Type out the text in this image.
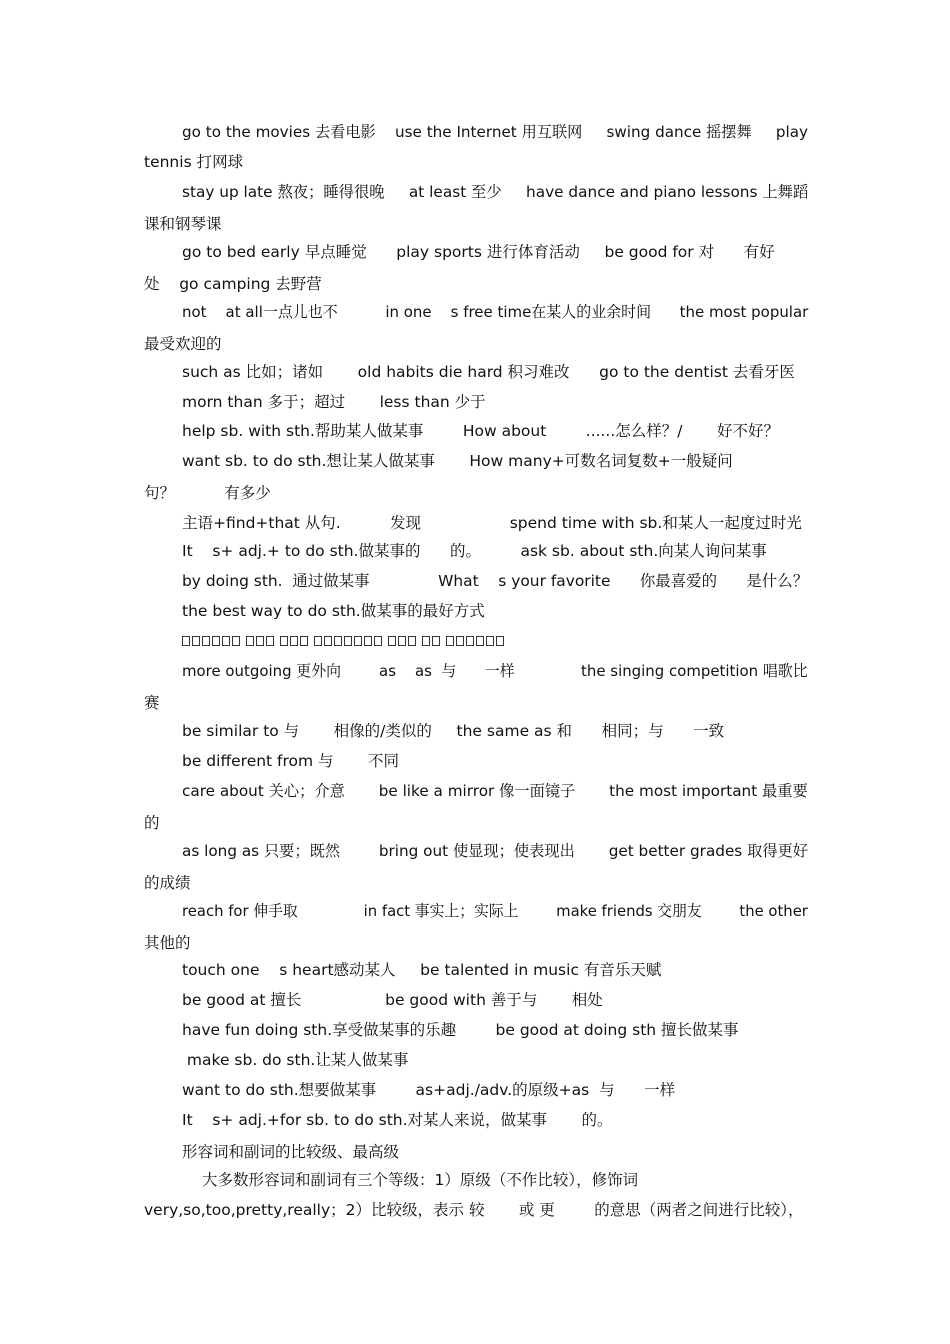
go to the movies 去看电影    use the Internet 用互联网     swing dance 摇摆舞     play
tennis 打网球
stay up late 熬夜；睡得很晚     at least 至少     have dance and piano lessons 上舞蹈
课和钢琴课
go to bed early 早点睡觉      play sports 进行体育活动     be good for 对      有好
处    go camping 去野营
not    at all一点儿也不          in one    s free time在某人的业余时间      the most popular
最受欢迎的
such as 比如；诸如       old habits die hard 积习难改      go to the dentist 去看牙医
morn than 多于；超过       less than 少于
help sb. with sth.帮助某人做某事        How about        ......怎么样？/       好不好？
want sb. to do sth.想让某人做某事       How many+可数名词复数+一般疑问
句？          有多少
主语+find+that 从句.          发现                  spend time with sb.和某人一起度过时光
It    s+ adj.+ to do sth.做某事的      的。        ask sb. about sth.向某人询问某事
by doing sth.  通过做某事              What    s your favorite      你最喜爱的      是什么？
the best way to do sth.做某事的最好方式
more outgoing 更外向        as    as  与      一样              the singing competition 唱歌比
赛
be similar to 与       相像的/类似的     the same as 和      相同；与      一致
be different from 与       不同
care about 关心；介意       be like a mirror 像一面镜子       the most important 最重要
的
as long as 只要；既然        bring out 使显现；使表现出       get better grades 取得更好
的成绩
reach for 伸手取              in fact 事实上；实际上        make friends 交朋友        the other
其他的
touch one    s heart感动某人     be talented in music 有音乐天赋
be good at 擅长                 be good with 善于与       相处
have fun doing sth.享受做某事的乐趣        be good at doing sth 擅长做某事
make sb. do sth.让某人做某事
want to do sth.想要做某事        as+adj./adv.的原级+as  与      一样
It    s+ adj.+for sb. to do sth.对某人来说，做某事       的。
形容词和副词的比较级、最高级
大多数形容词和副词有三个等级：1）原级（不作比较），修饰词
very,so,too,pretty,really；2）比较级，表示 较       或 更        的意思（两者之间进行比较），
